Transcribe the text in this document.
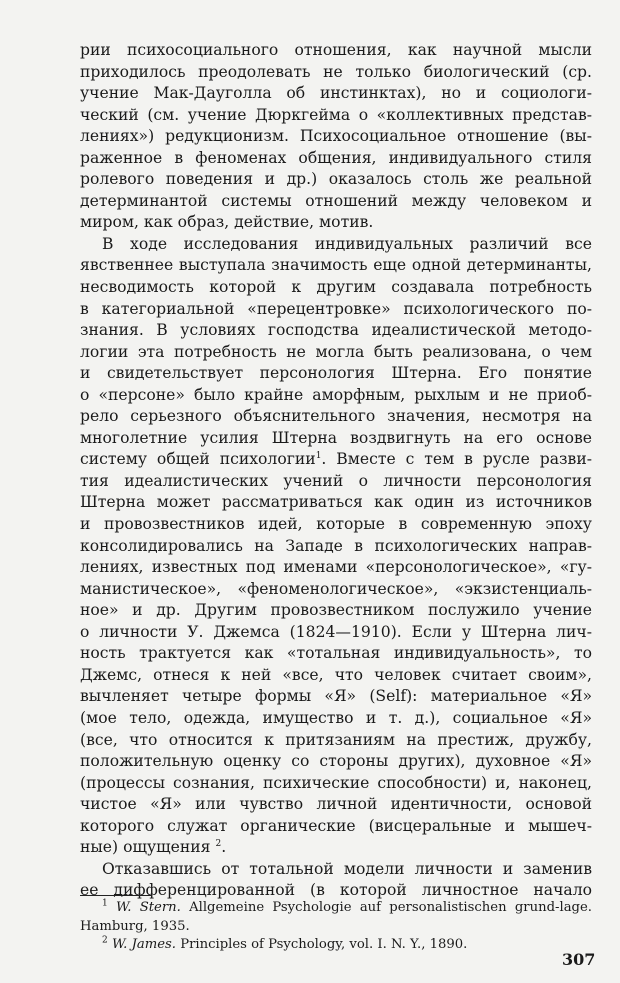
рии психосоциального отношения, как научной мысли

приходилось преодолевать не только биологический (ср.

учение Мак-Дауголла об инстинктах), но и социологи-

ческий (см. учение Дюркгейма о «коллективных представ-

лениях») редукционизм. Психосоциальное отношение (вы-

раженное в феноменах общения, индивидуального стиля

ролевого поведения и др.) оказалось столь же реальной

детерминантой системы отношений между человеком и

миром, как образ, действие, мотив.

В ходе исследования индивидуальных различий все

явственнее выступала значимость еще одной детерминанты,

несводимость которой к другим создавала потребность

в категориальной «перецентровке» психологического по-

знания. В условиях господства идеалистической методо-

логии эта потребность не могла быть реализована, о чем

и свидетельствует персонология Штерна. Его понятие

о «персоне» было крайне аморфным, рыхлым и не приоб-

рело серьезного объяснительного значения, несмотря на

многолетние усилия Штерна воздвигнуть на его основе

систему общей психологии$^1$. Вместе с тем в русле разви-

тия идеалистических учений о личности персонология

Штерна может рассматриваться как один из источников

и провозвестников идей, которые в современную эпоху

консолидировались на Западе в психологических направ-

лениях, известных под именами «персонологическое», «гу-

манистическое», «феноменологическое», «экзистенциаль-

ное» и др. Другим провозвестником послужило учение

о личности У. Джемса (1824—1910). Если у Штерна лич-

ность трактуется как «тотальная индивидуальность», то

Джемс, отнеся к ней «все, что человек считает своим»,

вычленяет четыре формы «Я» (Self): материальное «Я»

(мое тело, одежда, имущество и т. д.), социальное «Я»

(все, что относится к притязаниям на престиж, дружбу,

положительную оценку со стороны других), духовное «Я»

(процессы сознания, психические способности) и, наконец,

чистое «Я» или чувство личной идентичности, основой

которого служат органические (висцеральные и мышеч-

ные) ощущения $^2$.

Отказавшись от тотальной модели личности и заменив

ее дифференцированной (в которой личностное начало

$^1$ W. Stern. Allgemeine Psychologie auf personalistischen grund-lage. Hamburg, 1935.

$^2$ W. James. Principles of Psychology, vol. I. N. Y., 1890.

307
